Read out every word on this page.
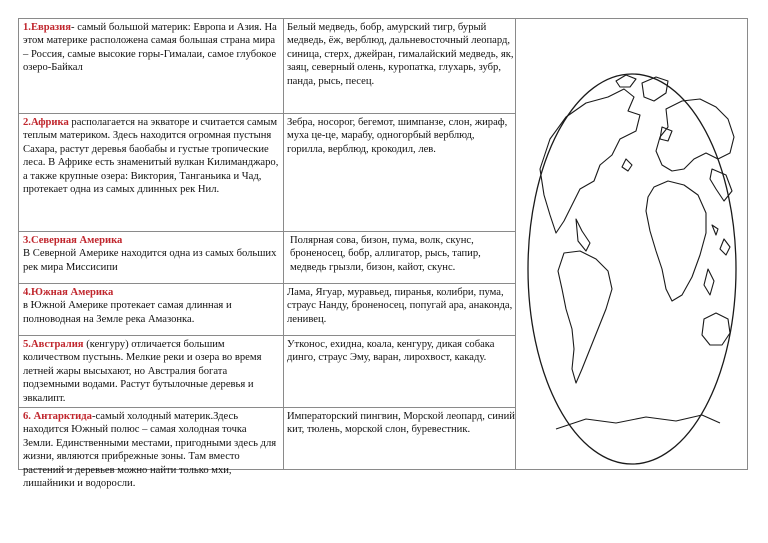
1.Евразия- самый большой материк: Европа и Азия. На этом материке расположена самая большая страна мира – Россия, самые высокие горы-Гималаи, самое глубокое озеро-Байкал
Белый медведь, бобр, амурский тигр, бурый медведь, ёж, верблюд, дальневосточный леопард, синица, стерх, джейран, гималайский медведь, як, заяц, северный олень, куропатка, глухарь, зубр, панда, рысь, песец.
2.Африка располагается на экваторе и считается самым теплым материком. Здесь находится огромная пустыня Сахара, растут деревья баобабы и густые тропические леса. В Африке есть знаменитый вулкан Килиманджаро, а также крупные озера: Виктория, Танганьика и Чад, протекает одна из самых длинных рек Нил.
Зебра, носорог, бегемот, шимпанзе, слон, жираф, муха це-це, марабу, одногорбый верблюд, горилла, верблюд, крокодил, лев.
3.Северная Америка
В Северной Америке находится одна из самых больших рек мира Миссисипи
Полярная сова, бизон, пума, волк, скунс, броненосец, бобр, аллигатор, рысь, тапир, медведь грызли, бизон, кайот, скунс.
4.Южная Америка
в Южной Америке протекает самая длинная и полноводная на Земле река Амазонка.
Лама, Ягуар, муравьед, пиранья, колибри, пума, страус Нанду, броненосец, попугай ара, анаконда, ленивец.
5.Австралия (кенгуру) отличается большим количеством пустынь. Мелкие реки и озера во время летней жары высыхают, но Австралия богата подземными водами. Растут бутылочные деревья и эвкалипт.
Утконос, ехидна, коала, кенгуру, дикая собака динго, страус Эму, варан, лирохвост, какаду.
6. Антарктида-самый холодный материк.Здесь находится Южный полюс – самая холодная точка Земли. Единственными местами, пригодными здесь для жизни, являются прибрежные зоны. Там вместо растений и деревьев можно найти только мхи, лишайники и водоросли.
Императорский пингвин, Морской леопард, синий кит, тюлень, морской слон, буревестник.
